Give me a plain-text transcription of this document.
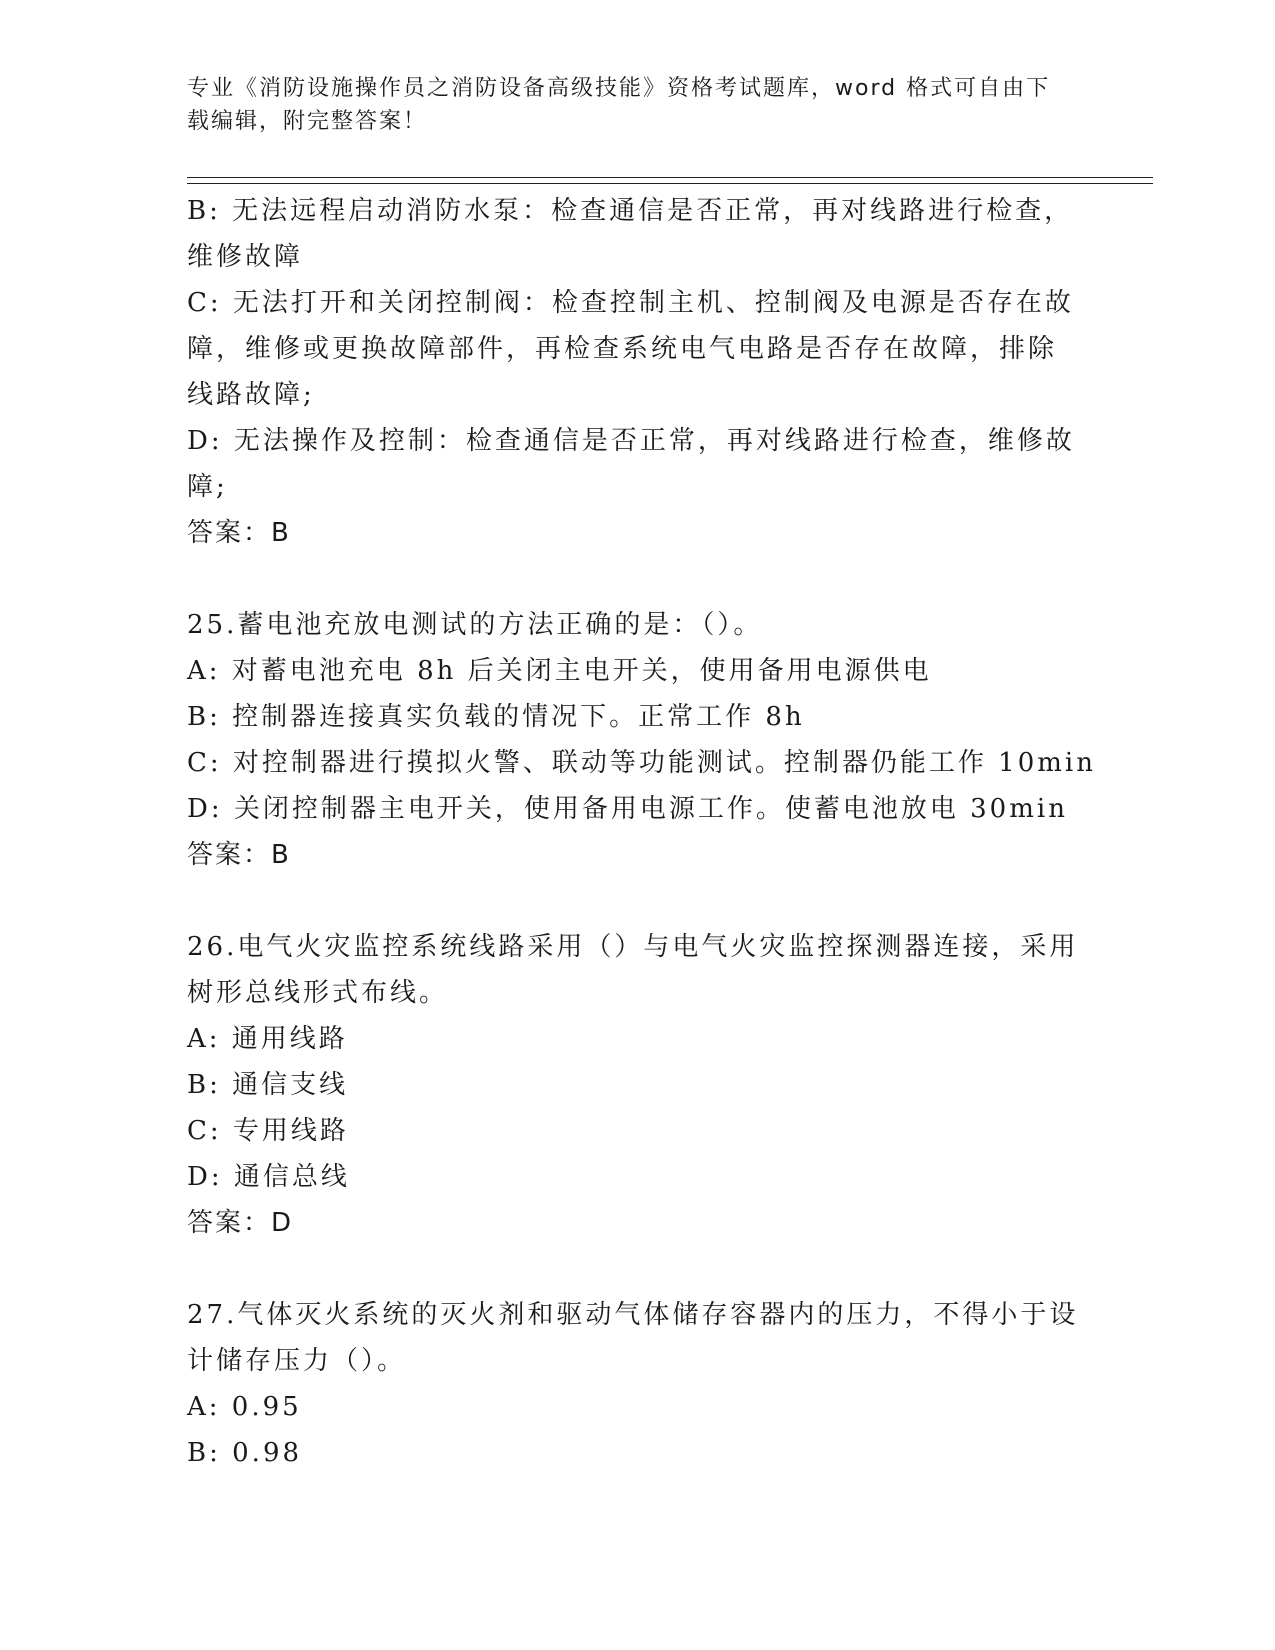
专业《消防设施操作员之消防设备高级技能》资格考试题库，word 格式可自由下
载编辑，附完整答案！
B: 无法远程启动消防水泵：检查通信是否正常，再对线路进行检查，
维修故障
C: 无法打开和关闭控制阀：检查控制主机、控制阀及电源是否存在故
障，维修或更换故障部件，再检查系统电气电路是否存在故障，排除
线路故障;
D: 无法操作及控制：检查通信是否正常，再对线路进行检查，维修故
障;
答案：B
25.蓄电池充放电测试的方法正确的是：（）。
A: 对蓄电池充电 8h 后关闭主电开关，使用备用电源供电
B: 控制器连接真实负载的情况下。正常工作 8h
C: 对控制器进行摸拟火警、联动等功能测试。控制器仍能工作 10min
D: 关闭控制器主电开关，使用备用电源工作。使蓄电池放电 30min
答案：B
26.电气火灾监控系统线路采用（）与电气火灾监控探测器连接，采用
树形总线形式布线。
A: 通用线路
B: 通信支线
C: 专用线路
D: 通信总线
答案：D
27.气体灭火系统的灭火剂和驱动气体储存容器内的压力，不得小于设
计储存压力（）。
A: 0.95
B: 0.98
